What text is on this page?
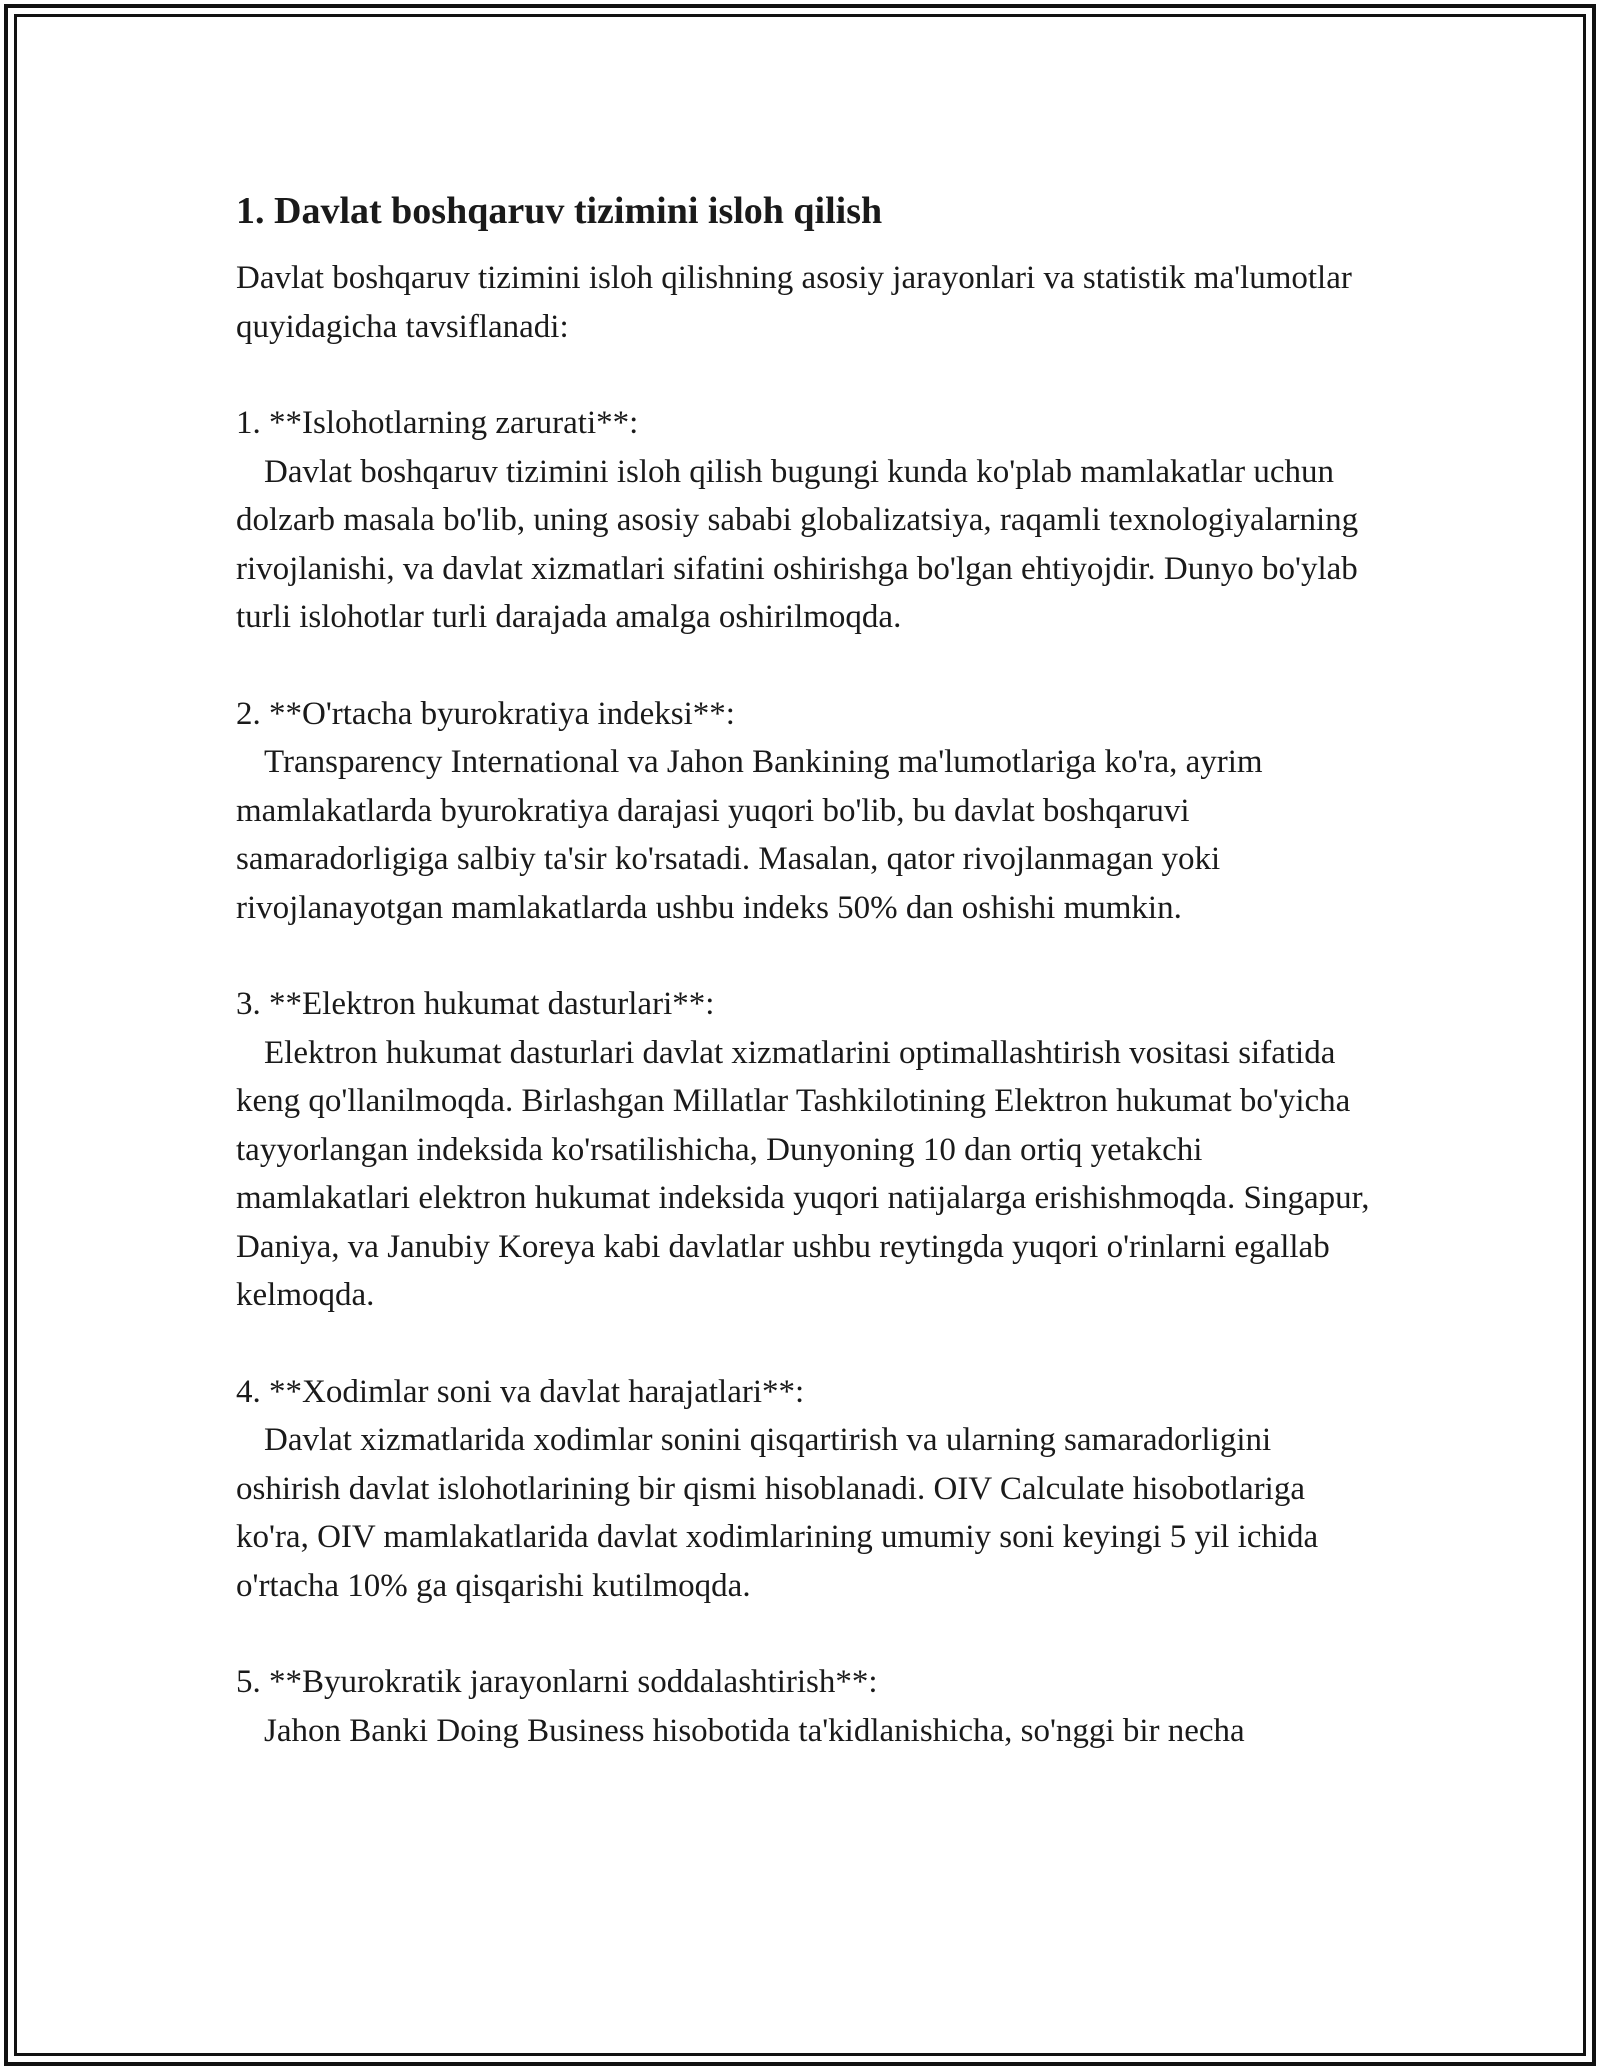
1. Davlat boshqaruv tizimini isloh qilish

Davlat boshqaruv tizimini isloh qilishning asosiy jarayonlari va statistik ma'lumotlar quyidagicha tavsiflanadi:

1. **Islohotlarning zarurati**:

Davlat boshqaruv tizimini isloh qilish bugungi kunda ko'plab mamlakatlar uchun dolzarb masala bo'lib, uning asosiy sababi globalizatsiya, raqamli texnologiyalarning rivojlanishi, va davlat xizmatlari sifatini oshirishga bo'lgan ehtiyojdir. Dunyo bo'ylab turli islohotlar turli darajada amalga oshirilmoqda.

2. **O'rtacha byurokratiya indeksi**:

Transparency International va Jahon Bankining ma'lumotlariga ko'ra, ayrim mamlakatlarda byurokratiya darajasi yuqori bo'lib, bu davlat boshqaruvi samaradorligiga salbiy ta'sir ko'rsatadi. Masalan, qator rivojlanmagan yoki rivojlanayotgan mamlakatlarda ushbu indeks 50% dan oshishi mumkin.

3. **Elektron hukumat dasturlari**:

Elektron hukumat dasturlari davlat xizmatlarini optimallashtirish vositasi sifatida keng qo'llanilmoqda. Birlashgan Millatlar Tashkilotining Elektron hukumat bo'yicha tayyorlangan indeksida ko'rsatilishicha, Dunyoning 10 dan ortiq yetakchi mamlakatlari elektron hukumat indeksida yuqori natijalarga erishishmoqda. Singapur, Daniya, va Janubiy Koreya kabi davlatlar ushbu reytingda yuqori o'rinlarni egallab kelmoqda.

4. **Xodimlar soni va davlat harajatlari**:

Davlat xizmatlarida xodimlar sonini qisqartirish va ularning samaradorligini oshirish davlat islohotlarining bir qismi hisoblanadi. OIV Calculate hisobotlariga ko'ra, OIV mamlakatlarida davlat xodimlarining umumiy soni keyingi 5 yil ichida o'rtacha 10% ga qisqarishi kutilmoqda.

5. **Byurokratik jarayonlarni soddalashtirish**:

Jahon Banki Doing Business hisobotida ta'kidlanishicha, so'nggi bir necha
